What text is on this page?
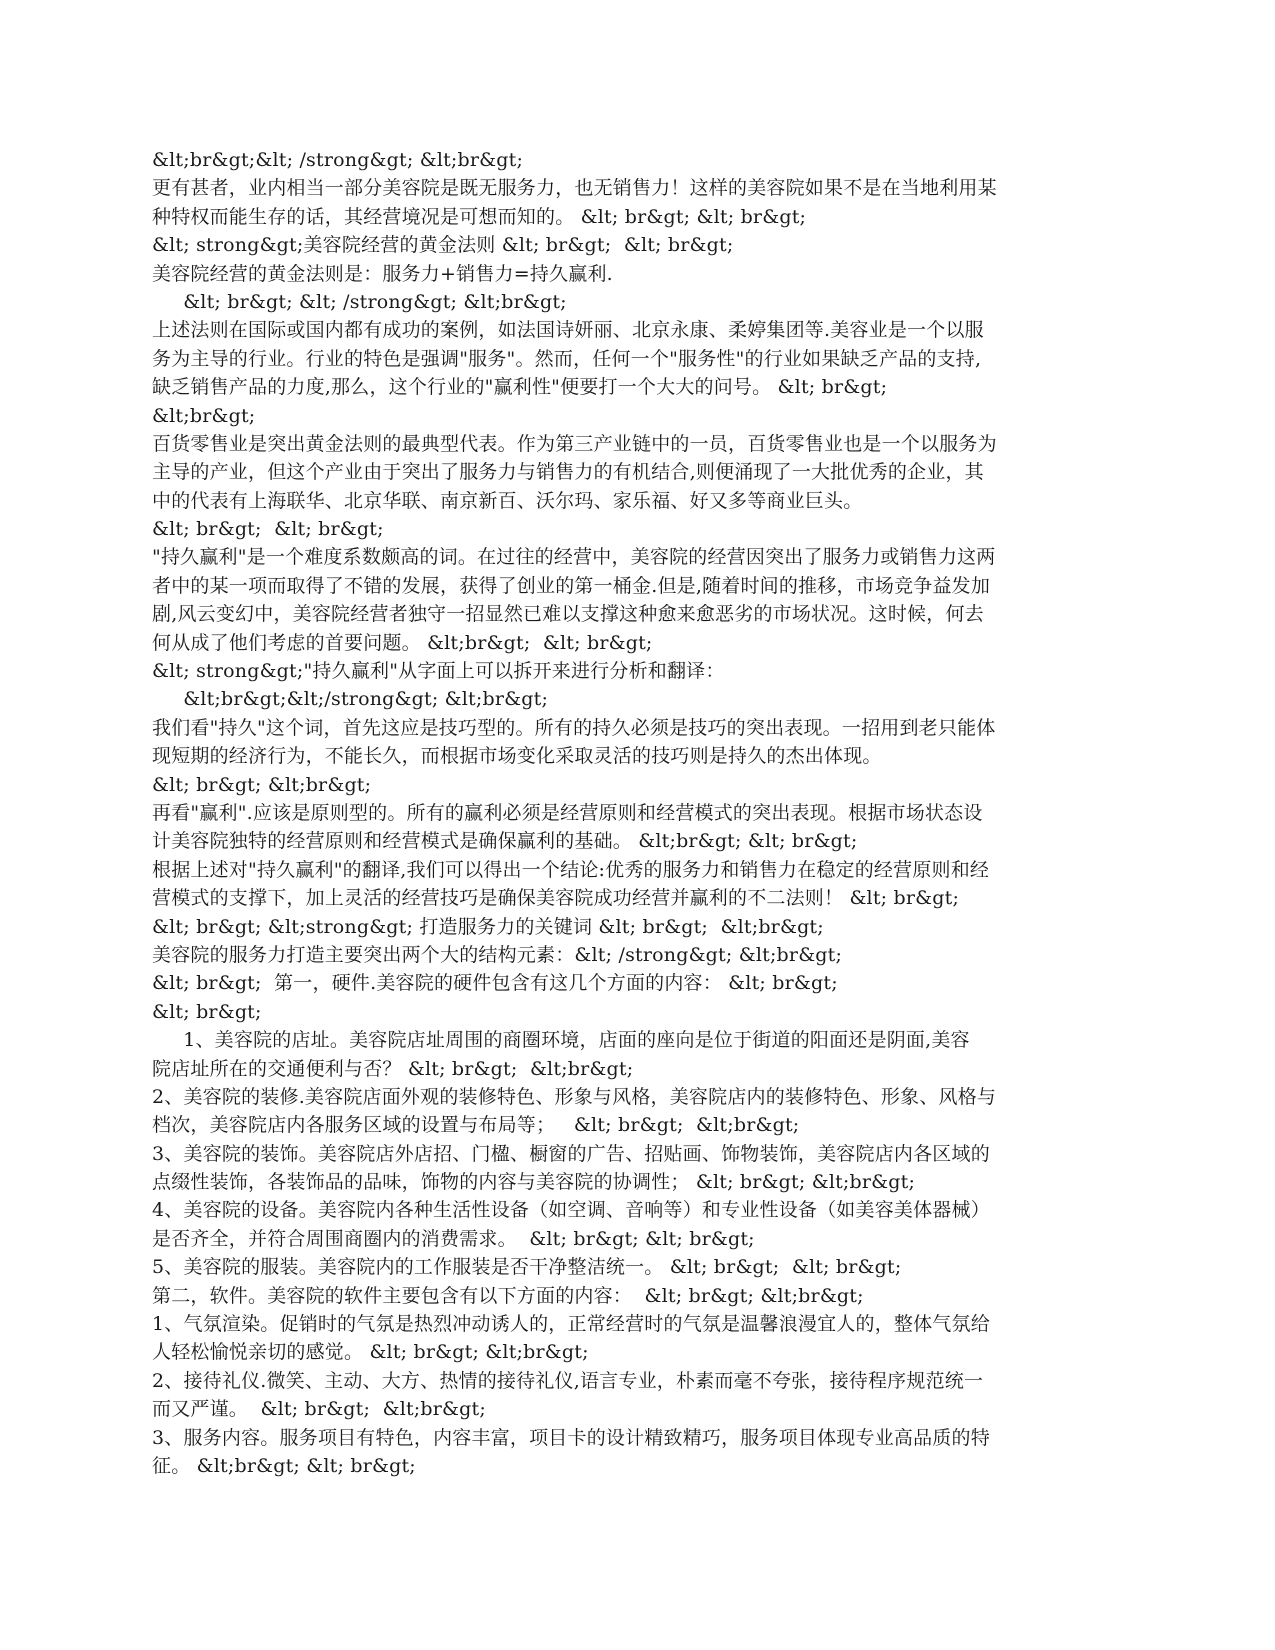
&lt;br&gt;&lt; /strong&gt; &lt;br&gt;
更有甚者，业内相当一部分美容院是既无服务力，也无销售力！这样的美容院如果不是在当地利用某
种特权而能生存的话，其经营境况是可想而知的。 &lt; br&gt; &lt; br&gt;
&lt; strong&gt;美容院经营的黄金法则 &lt; br&gt;  &lt; br&gt;
美容院经营的黄金法则是：服务力+销售力=持久赢利.
&lt; br&gt; &lt; /strong&gt; &lt;br&gt;
上述法则在国际或国内都有成功的案例，如法国诗妍丽、北京永康、柔婷集团等.美容业是一个以服
务为主导的行业。行业的特色是强调"服务"。然而，任何一个"服务性"的行业如果缺乏产品的支持,
缺乏销售产品的力度,那么，这个行业的"赢利性"便要打一个大大的问号。 &lt; br&gt;
&lt;br&gt;
百货零售业是突出黄金法则的最典型代表。作为第三产业链中的一员，百货零售业也是一个以服务为
主导的产业，但这个产业由于突出了服务力与销售力的有机结合,则便涌现了一大批优秀的企业，其
中的代表有上海联华、北京华联、南京新百、沃尔玛、家乐福、好又多等商业巨头。
&lt; br&gt;  &lt; br&gt;
"持久赢利"是一个难度系数颇高的词。在过往的经营中，美容院的经营因突出了服务力或销售力这两
者中的某一项而取得了不错的发展，获得了创业的第一桶金.但是,随着时间的推移，市场竞争益发加
剧,风云变幻中，美容院经营者独守一招显然已难以支撑这种愈来愈恶劣的市场状况。这时候，何去
何从成了他们考虑的首要问题。 &lt;br&gt;  &lt; br&gt;
&lt; strong&gt;"持久赢利"从字面上可以拆开来进行分析和翻译：
&lt;br&gt;&lt;/strong&gt; &lt;br&gt;
我们看"持久"这个词，首先这应是技巧型的。所有的持久必须是技巧的突出表现。一招用到老只能体
现短期的经济行为，不能长久，而根据市场变化采取灵活的技巧则是持久的杰出体现。
&lt; br&gt; &lt;br&gt;
再看"赢利".应该是原则型的。所有的赢利必须是经营原则和经营模式的突出表现。根据市场状态设
计美容院独特的经营原则和经营模式是确保赢利的基础。 &lt;br&gt; &lt; br&gt;
根据上述对"持久赢利"的翻译,我们可以得出一个结论:优秀的服务力和销售力在稳定的经营原则和经
营模式的支撑下，加上灵活的经营技巧是确保美容院成功经营并赢利的不二法则！ &lt; br&gt;
&lt; br&gt; &lt;strong&gt; 打造服务力的关键词 &lt; br&gt;  &lt;br&gt;
美容院的服务力打造主要突出两个大的结构元素：&lt; /strong&gt; &lt;br&gt;
&lt; br&gt;  第一，硬件.美容院的硬件包含有这几个方面的内容： &lt; br&gt;
&lt; br&gt;
1、美容院的店址。美容院店址周围的商圈环境，店面的座向是位于街道的阳面还是阴面,美容
院店址所在的交通便利与否？ &lt; br&gt;  &lt;br&gt;
2、美容院的装修.美容院店面外观的装修特色、形象与风格，美容院店内的装修特色、形象、风格与
档次，美容院店内各服务区域的设置与布局等；   &lt; br&gt;  &lt;br&gt;
3、美容院的装饰。美容院店外店招、门楹、橱窗的广告、招贴画、饰物装饰，美容院店内各区域的
点缀性装饰，各装饰品的品味，饰物的内容与美容院的协调性； &lt; br&gt; &lt;br&gt;
4、美容院的设备。美容院内各种生活性设备（如空调、音响等）和专业性设备（如美容美体器械）
是否齐全，并符合周围商圈内的消费需求。  &lt; br&gt; &lt; br&gt;
5、美容院的服装。美容院内的工作服装是否干净整洁统一。 &lt; br&gt;  &lt; br&gt;
第二，软件。美容院的软件主要包含有以下方面的内容：  &lt; br&gt; &lt;br&gt;
1、气氛渲染。促销时的气氛是热烈冲动诱人的，正常经营时的气氛是温馨浪漫宜人的，整体气氛给
人轻松愉悦亲切的感觉。 &lt; br&gt; &lt;br&gt;
2、接待礼仪.微笑、主动、大方、热情的接待礼仪,语言专业，朴素而毫不夸张，接待程序规范统一
而又严谨。  &lt; br&gt;  &lt;br&gt;
3、服务内容。服务项目有特色，内容丰富，项目卡的设计精致精巧，服务项目体现专业高品质的特
征。 &lt;br&gt; &lt; br&gt;
